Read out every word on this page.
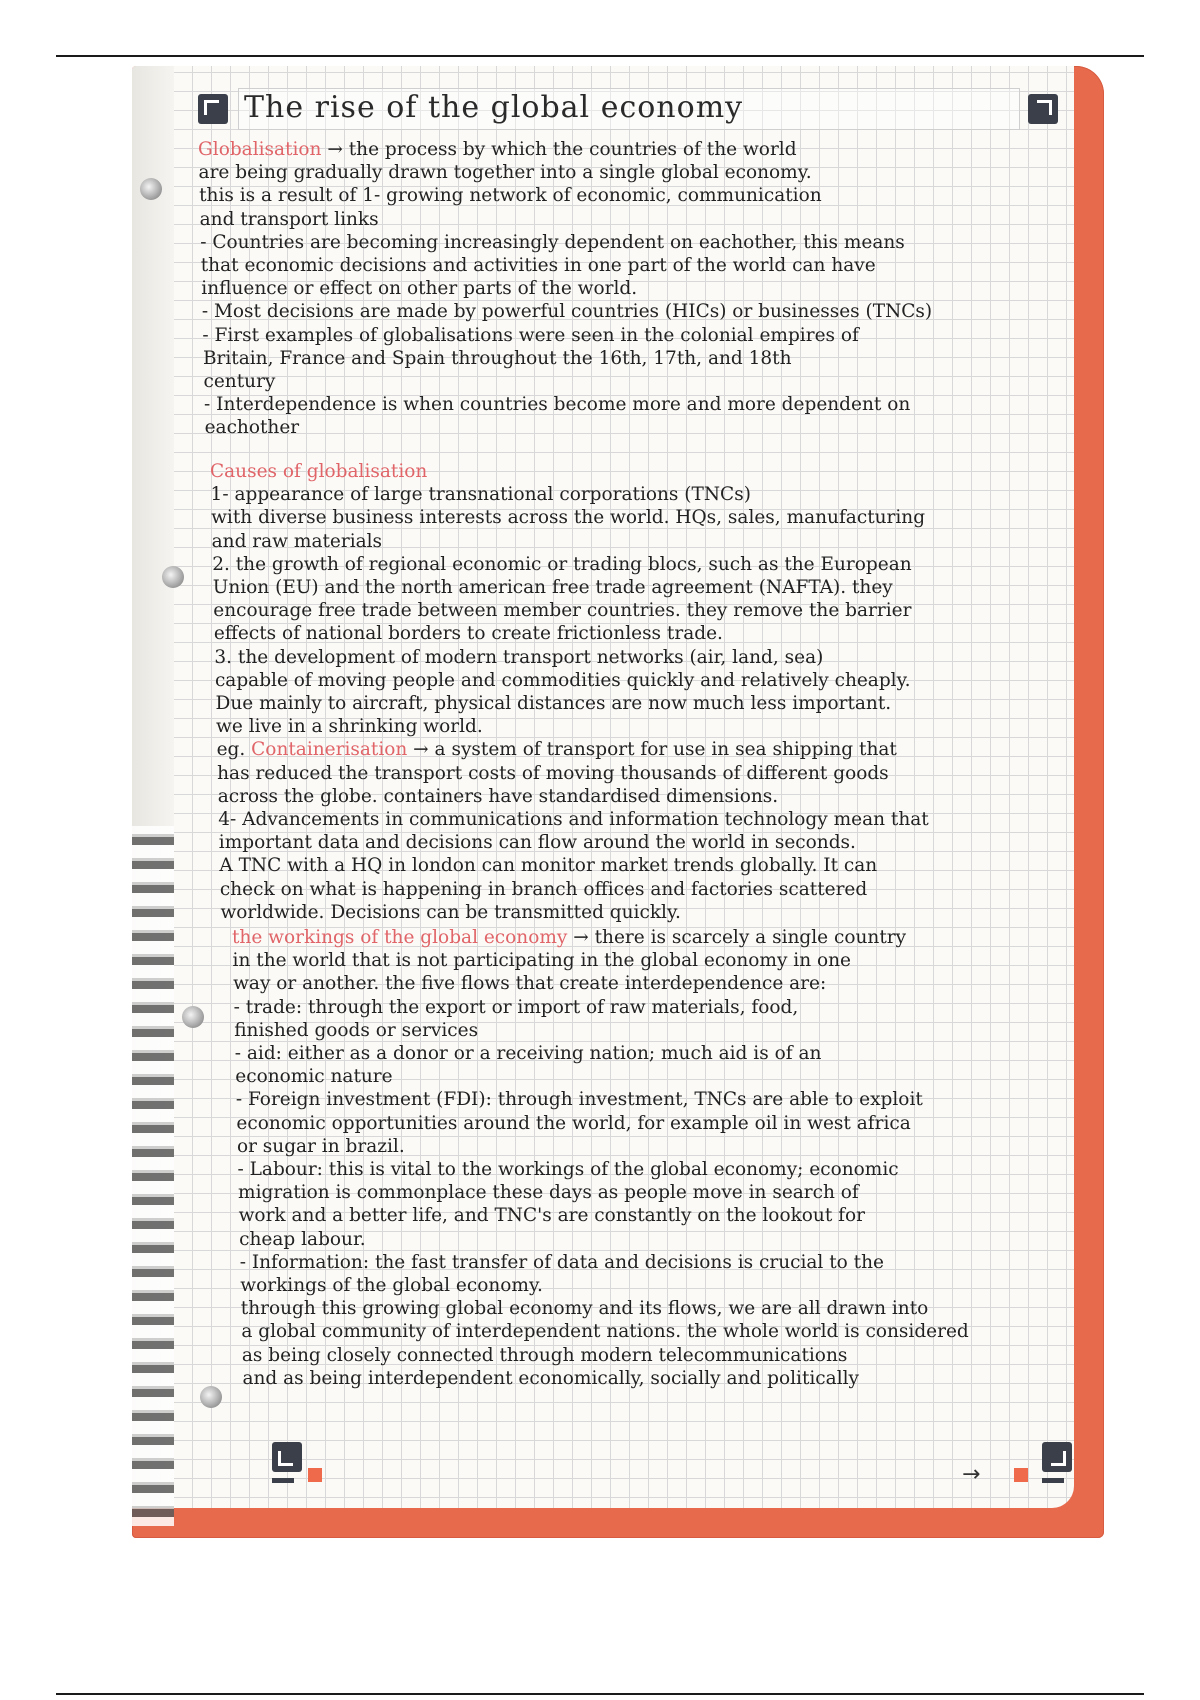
The rise of the global economy
Globalisation → the process by which the countries of the world
are being gradually drawn together into a single global economy.
this is a result of 1- growing network of economic, communication
and transport links
- Countries are becoming increasingly dependent on eachother, this means
that economic decisions and activities in one part of the world can have
influence or effect on other parts of the world.
- Most decisions are made by powerful countries (HICs) or businesses (TNCs)
- First examples of globalisations were seen in the colonial empires of
Britain, France and Spain throughout the 16th, 17th, and 18th
century
- Interdependence is when countries become more and more dependent on
eachother
Causes of globalisation
1- appearance of large transnational corporations (TNCs)
with diverse business interests across the world. HQs, sales, manufacturing
and raw materials
2. the growth of regional economic or trading blocs, such as the European
Union (EU) and the north american free trade agreement (NAFTA). they
encourage free trade between member countries. they remove the barrier
effects of national borders to create frictionless trade.
3. the development of modern transport networks (air, land, sea)
capable of moving people and commodities quickly and relatively cheaply.
Due mainly to aircraft, physical distances are now much less important.
we live in a shrinking world.
eg. Containerisation → a system of transport for use in sea shipping that
has reduced the transport costs of moving thousands of different goods
across the globe. containers have standardised dimensions.
4- Advancements in communications and information technology mean that
important data and decisions can flow around the world in seconds.
A TNC with a HQ in london can monitor market trends globally. It can
check on what is happening in branch offices and factories scattered
worldwide. Decisions can be transmitted quickly.
the workings of the global economy → there is scarcely a single country
in the world that is not participating in the global economy in one
way or another. the five flows that create interdependence are:
- trade: through the export or import of raw materials, food,
finished goods or services
- aid: either as a donor or a receiving nation; much aid is of an
economic nature
- Foreign investment (FDI): through investment, TNCs are able to exploit
economic opportunities around the world, for example oil in west africa
or sugar in brazil.
- Labour: this is vital to the workings of the global economy; economic
migration is commonplace these days as people move in search of
work and a better life, and TNC's are constantly on the lookout for
cheap labour.
- Information: the fast transfer of data and decisions is crucial to the
workings of the global economy.
through this growing global economy and its flows, we are all drawn into
a global community of interdependent nations. the whole world is considered
as being closely connected through modern telecommunications
and as being interdependent economically, socially and politically
→
